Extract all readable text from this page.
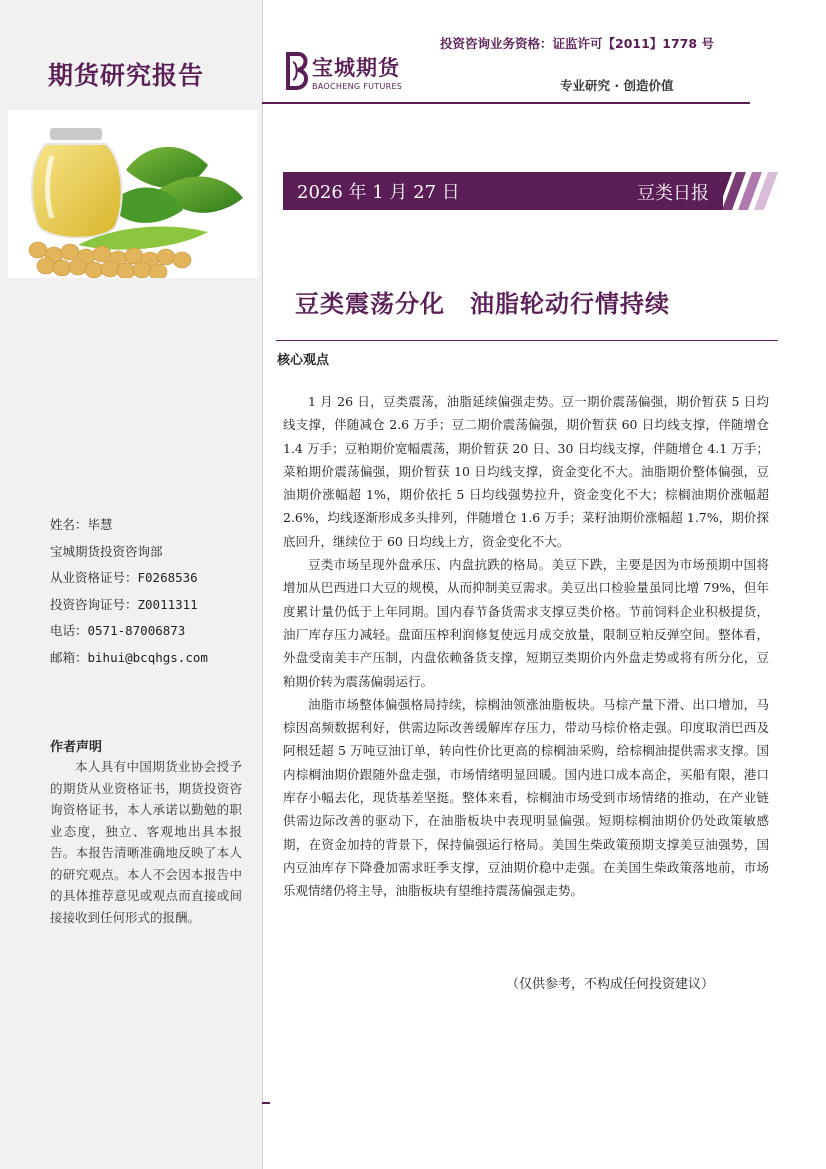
期货研究报告
姓名：毕慧
宝城期货投资咨询部
从业资格证号：F0268536
投资咨询证号：Z0011311
电话：0571-87006873
邮箱：bihui@bcqhgs.com
作者声明
本人具有中国期货业协会授予的期货从业资格证书，期货投资咨询资格证书，本人承诺以勤勉的职业态度，独立、客观地出具本报告。本报告清晰准确地反映了本人的研究观点。本人不会因本报告中的具体推荐意见或观点而直接或间接接收到任何形式的报酬。
投资咨询业务资格：证监许可【2011】1778 号
宝城期货
BAOCHENG FUTURES	专业研究 · 创造价值
2026 年 1 月 27 日	豆类日报
豆类震荡分化　油脂轮动行情持续
核心观点

1 月 26 日，豆类震荡，油脂延续偏强走势。豆一期价震荡偏强，期价暂获 5 日均线支撑，伴随减仓 2.6 万手；豆二期价震荡偏强，期价暂获 60 日均线支撑，伴随增仓 1.4 万手；豆粕期价宽幅震荡，期价暂获 20 日、30 日均线支撑，伴随增仓 4.1 万手；菜粕期价震荡偏强，期价暂获 10 日均线支撑，资金变化不大。油脂期价整体偏强，豆油期价涨幅超 1%，期价依托 5 日均线强势拉升，资金变化不大；棕榈油期价涨幅超 2.6%，均线逐渐形成多头排列，伴随增仓 1.6 万手；菜籽油期价涨幅超 1.7%，期价探底回升，继续位于 60 日均线上方，资金变化不大。

豆类市场呈现外盘承压、内盘抗跌的格局。美豆下跌，主要是因为市场预期中国将增加从巴西进口大豆的规模，从而抑制美豆需求。美豆出口检验量虽同比增 79%，但年度累计量仍低于上年同期。国内春节备货需求支撑豆类价格。节前饲料企业积极提货，油厂库存压力减轻。盘面压榨利润修复使远月成交放量，限制豆粕反弹空间。整体看，外盘受南美丰产压制，内盘依赖备货支撑，短期豆类期价内外盘走势或将有所分化，豆粕期价转为震荡偏弱运行。

油脂市场整体偏强格局持续，棕榈油领涨油脂板块。马棕产量下滑、出口增加，马棕因高频数据利好，供需边际改善缓解库存压力，带动马棕价格走强。印度取消巴西及阿根廷超 5 万吨豆油订单，转向性价比更高的棕榈油采购，给棕榈油提供需求支撑。国内棕榈油期价跟随外盘走强，市场情绪明显回暖。国内进口成本高企，买船有限，港口库存小幅去化，现货基差坚挺。整体来看，棕榈油市场受到市场情绪的推动，在产业链供需边际改善的驱动下，在油脂板块中表现明显偏强。短期棕榈油期价仍处政策敏感期，在资金加持的背景下，保持偏强运行格局。美国生柴政策预期支撑美豆油强势，国内豆油库存下降叠加需求旺季支撑，豆油期价稳中走强。在美国生柴政策落地前，市场乐观情绪仍将主导，油脂板块有望维持震荡偏强走势。

（仅供参考，不构成任何投资建议）
